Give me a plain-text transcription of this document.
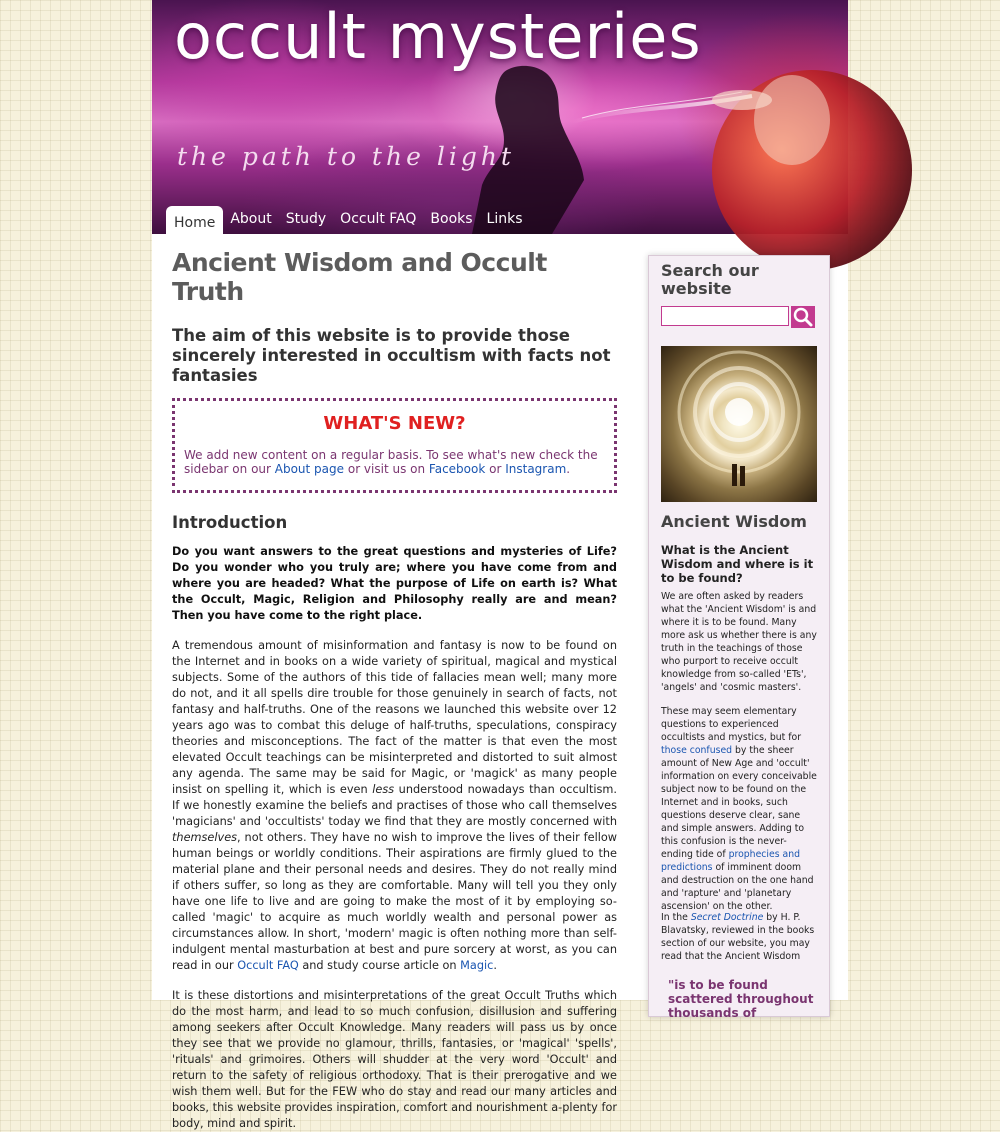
occult mysteries

the path to the light

Home	About	Study	Occult FAQ	Books	Links
Ancient Wisdom and Occult Truth
The aim of this website is to provide those sincerely interested in occultism with facts not fantasies

WHAT'S NEW?

We add new content on a regular basis. To see what's new check the sidebar on our About page or visit us on Facebook or Instagram.

Introduction

Do you want answers to the great questions and mysteries of Life? Do you wonder who you truly are; where you have come from and where you are headed? What the purpose of Life on earth is? What the Occult, Magic, Religion and Philosophy really are and mean? Then you have come to the right place.

A tremendous amount of misinformation and fantasy is now to be found on the Internet and in books on a wide variety of spiritual, magical and mystical subjects. Some of the authors of this tide of fallacies mean well; many more do not, and it all spells dire trouble for those genuinely in search of facts, not fantasy and half-truths. One of the reasons we launched this website over 12 years ago was to combat this deluge of half-truths, speculations, conspiracy theories and misconceptions. The fact of the matter is that even the most elevated Occult teachings can be misinterpreted and distorted to suit almost any agenda. The same may be said for Magic, or 'magick' as many people insist on spelling it, which is even less understood nowadays than occultism. If we honestly examine the beliefs and practises of those who call themselves 'magicians' and 'occultists' today we find that they are mostly concerned with themselves, not others. They have no wish to improve the lives of their fellow human beings or worldly conditions. Their aspirations are firmly glued to the material plane and their personal needs and desires. They do not really mind if others suffer, so long as they are comfortable. Many will tell you they only have one life to live and are going to make the most of it by employing so-called 'magic' to acquire as much worldly wealth and personal power as circumstances allow. In short, 'modern' magic is often nothing more than self-indulgent mental masturbation at best and pure sorcery at worst, as you can read in our Occult FAQ and study course article on Magic.

It is these distortions and misinterpretations of the great Occult Truths which do the most harm, and lead to so much confusion, disillusion and suffering among seekers after Occult Knowledge. Many readers will pass us by once they see that we provide no glamour, thrills, fantasies, or 'magical' 'spells', 'rituals' and grimoires. Others will shudder at the very word 'Occult' and return to the safety of religious orthodoxy. That is their prerogative and we wish them well. But for the FEW who do stay and read our many articles and books, this website provides inspiration, comfort and nourishment a-plenty for body, mind and spirit.

Search our website
Ancient Wisdom

What is the Ancient Wisdom and where is it to be found?

We are often asked by readers what the 'Ancient Wisdom' is and where it is to be found. Many more ask us whether there is any truth in the teachings of those who purport to receive occult knowledge from so-called 'ETs', 'angels' and 'cosmic masters'.

These may seem elementary questions to experienced occultists and mystics, but for those confused by the sheer amount of New Age and 'occult' information on every conceivable subject now to be found on the Internet and in books, such questions deserve clear, sane and simple answers. Adding to this confusion is the never-ending tide of prophecies and predictions of imminent doom and destruction on the one hand and 'rapture' and 'planetary ascension' on the other.

In the Secret Doctrine by H. P. Blavatsky, reviewed in the books section of our website, you may read that the Ancient Wisdom

"is to be found scattered throughout thousands of
